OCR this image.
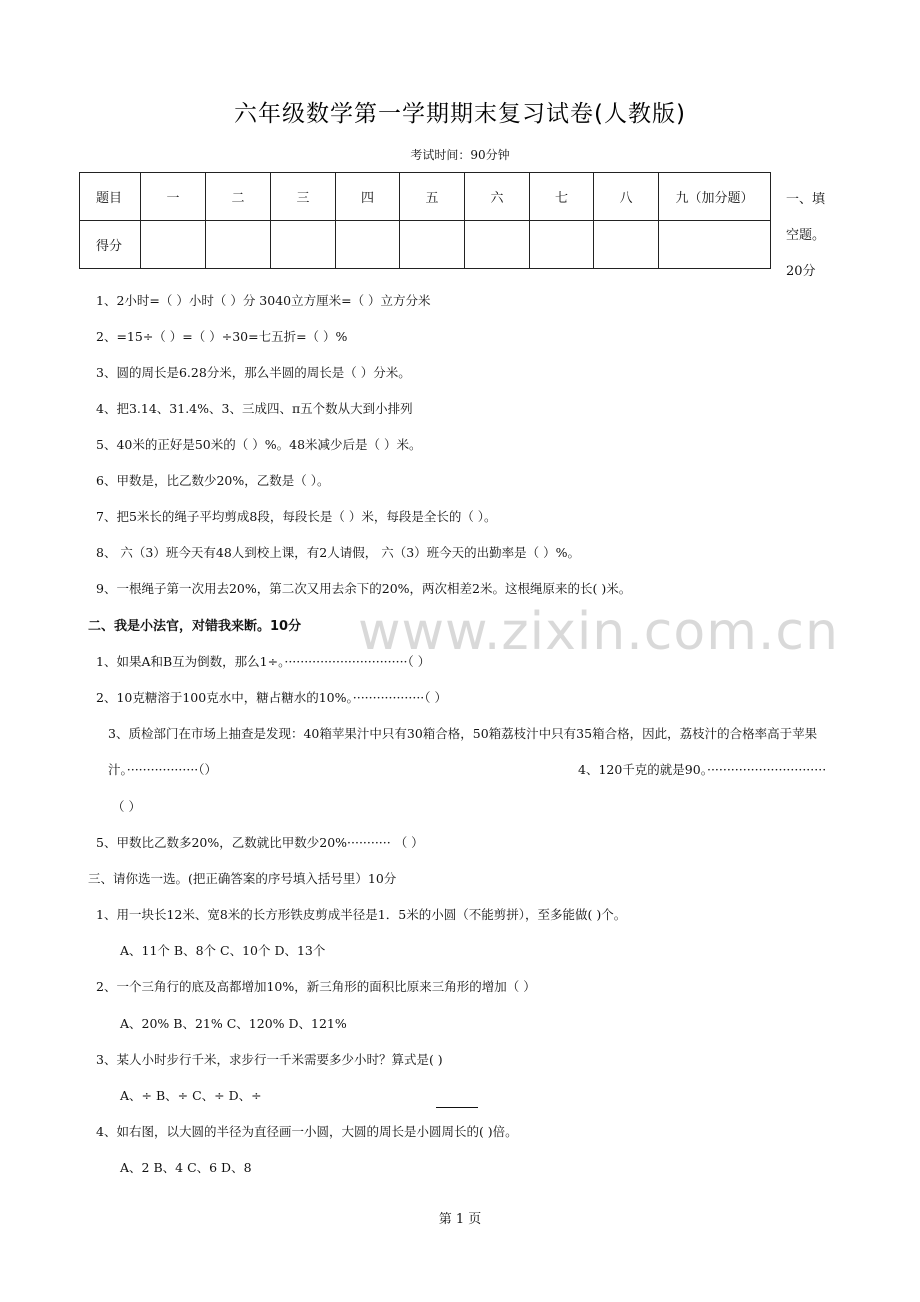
六年级数学第一学期期末复习试卷(人教版)
考试时间：90分钟
题目	一	二	三	四	五	六	七	八	九（加分题）
得分									
一、填空题。20分
1、2小时=（ ）小时（ ）分 3040立方厘米=（ ）立方分米
2、=15÷（ ）=（ ）÷30=七五折=（ ）%
3、圆的周长是6.28分米，那么半圆的周长是（ ）分米。
4、把3.14、31.4%、3、三成四、π五个数从大到小排列
5、40米的正好是50米的（ ）%。48米减少后是（ ）米。
6、甲数是，比乙数少20%，乙数是（ ）。
7、把5米长的绳子平均剪成8段，每段长是（ ）米，每段是全长的（ ）。
8、 六（3）班今天有48人到校上课，有2人请假， 六（3）班今天的出勤率是（ ）%。
9、一根绳子第一次用去20%，第二次又用去余下的20%，两次相差2米。这根绳原来的长( )米。
www.zixin.com.cn
二、我是小法官，对错我来断。10分
1、如果A和B互为倒数，那么1÷。·······························（ ）
2、10克糖溶于100克水中，糖占糖水的10%。··················（ ）
3、质检部门在市场上抽查是发现：40箱苹果汁中只有30箱合格，50箱荔枝汁中只有35箱合格，因此，荔枝汁的合格率高于苹果
汁。··················（）	4、120千克的就是90。······························
（ ）
5、甲数比乙数多20%，乙数就比甲数少20%··········· （ ）
三、请你选一选。(把正确答案的序号填入括号里）10分
1、用一块长12米、宽8米的长方形铁皮剪成半径是1．5米的小圆（不能剪拼），至多能做( )个。
A、11个 B、8个 C、10个 D、13个
2、一个三角行的底及高都增加10%，新三角形的面积比原来三角形的增加（ ）
A、20% B、21% C、120% D、121%
3、某人小时步行千米，求步行一千米需要多少小时？算式是( )
A、÷ B、÷ C、÷ D、÷
4、如右图，以大圆的半径为直径画一小圆，大圆的周长是小圆周长的( )倍。
A、2 B、4 C、6 D、8
第 1 页
